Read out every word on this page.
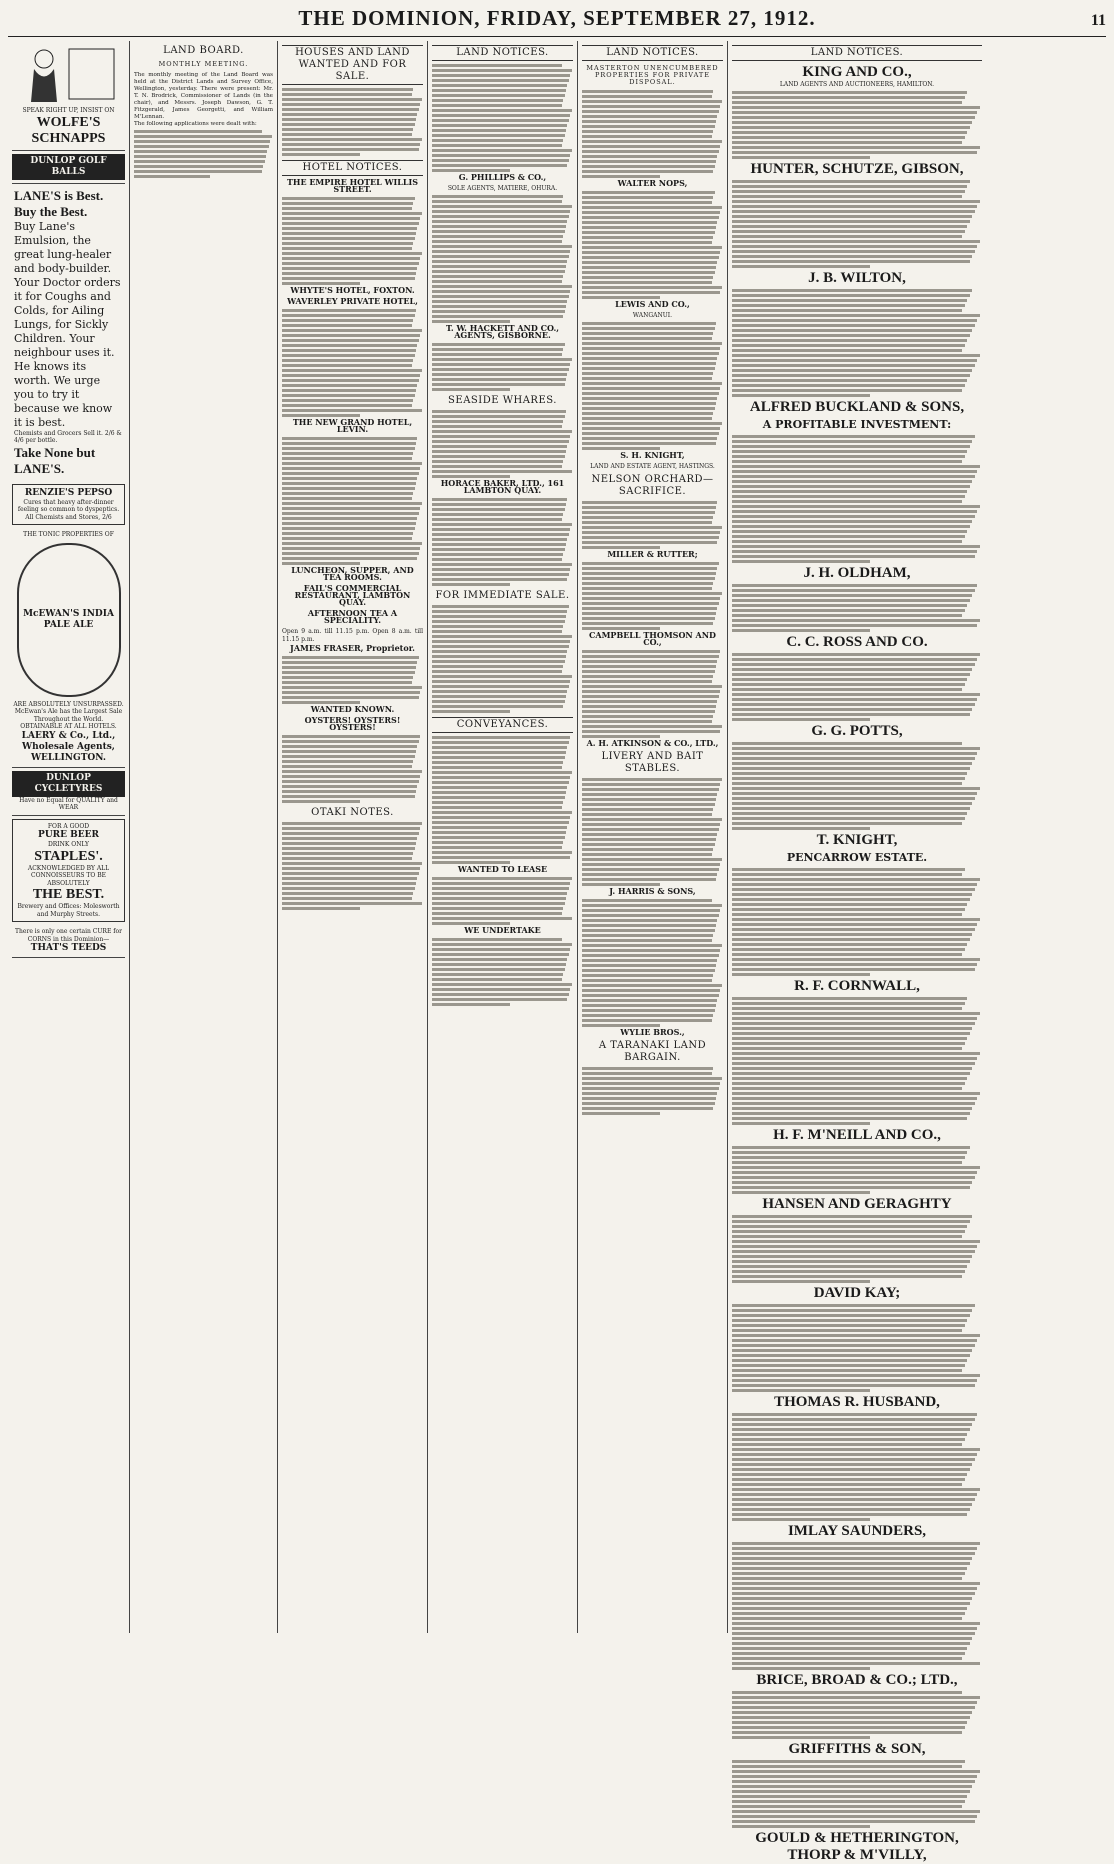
THE DOMINION, FRIDAY, SEPTEMBER 27, 1912.	11
SPEAK RIGHT UP, INSIST ON
WOLFE'S SCHNAPPS
DUNLOP GOLF BALLS
LANE'S is Best.
Buy the Best.
Buy Lane's Emulsion, the great lung-healer and body-builder. Your Doctor orders it for Coughs and Colds, for Ailing Lungs, for Sickly Children. Your neighbour uses it. He knows its worth. We urge you to try it because we know it is best.
Chemists and Grocers Sell it. 2/6 & 4/6 per bottle.
Take None but LANE'S.
RENZIE'S PEPSO
Cures that heavy after-dinner feeling so common to dyspeptics.
All Chemists and Stores, 2/6
THE TONIC PROPERTIES OF
McEWAN'S INDIA PALE ALE
ARE ABSOLUTELY UNSURPASSED.
McEwan's Ale has the Largest Sale Throughout the World.
OBTAINABLE AT ALL HOTELS.
LAERY & Co., Ltd., Wholesale Agents, WELLINGTON.
DUNLOP CYCLETYRES
Have no Equal for QUALITY and WEAR
FOR A GOOD
PURE BEER
DRINK ONLY
STAPLES'.
ACKNOWLEDGED BY ALL CONNOISSEURS TO BE ABSOLUTELY
THE BEST.
Brewery and Offices: Molesworth and Murphy Streets.
There is only one certain CURE for CORNS in this Dominion—
THAT'S TEEDS
LAND BOARD.
MONTHLY MEETING.
The monthly meeting of the Land Board was held at the District Lands and Survey Office, Wellington, yesterday. There were present: Mr. T. N. Brodrick, Commissioner of Lands (in the chair), and Messrs. Joseph Dawson, G. T. Fitzgerald, James Georgetti, and William M'Lennan.
The following applications were dealt with:
HOUSES AND LAND WANTED AND FOR SALE.
HOTEL NOTICES.
THE EMPIRE HOTEL WILLIS STREET.
WHYTE'S HOTEL, FOXTON.
WAVERLEY PRIVATE HOTEL,
THE NEW GRAND HOTEL, LEVIN.
LUNCHEON, SUPPER, AND TEA ROOMS.
FAIL'S COMMERCIAL RESTAURANT, LAMBTON QUAY.
AFTERNOON TEA A SPECIALITY.
Open 9 a.m. till 11.15 p.m. Open 8 a.m. till 11.15 p.m.
JAMES FRASER, Proprietor.
WANTED KNOWN.
OYSTERS! OYSTERS! OYSTERS!
OTAKI NOTES.
LAND NOTICES.
G. PHILLIPS & CO.,
SOLE AGENTS, MATIERE, OHURA.
T. W. HACKETT AND CO., AGENTS, GISBORNE.
SEASIDE WHARES.
HORACE BAKER, LTD., 161 LAMBTON QUAY.
FOR IMMEDIATE SALE.
CONVEYANCES.
WANTED TO LEASE
WE UNDERTAKE
LAND NOTICES.
MASTERTON UNENCUMBERED PROPERTIES FOR PRIVATE DISPOSAL.
WALTER NOPS,
LEWIS AND CO.,
WANGANUI.
S. H. KNIGHT,
LAND AND ESTATE AGENT, HASTINGS.
NELSON ORCHARD—SACRIFICE.
MILLER & RUTTER;
CAMPBELL THOMSON AND CO.,
A. H. ATKINSON & CO., LTD.,
LIVERY AND BAIT STABLES.
J. HARRIS & SONS,
WYLIE BROS.,
A TARANAKI LAND BARGAIN.
LAND NOTICES.
KING AND CO.,
LAND AGENTS AND AUCTIONEERS, HAMILTON.
HUNTER, SCHUTZE, GIBSON,
J. B. WILTON,
ALFRED BUCKLAND & SONS,
A PROFITABLE INVESTMENT:
J. H. OLDHAM,
C. C. ROSS AND CO.
G. G. POTTS,
T. KNIGHT,
PENCARROW ESTATE.
R. F. CORNWALL,
H. F. M'NEILL AND CO.,
HANSEN AND GERAGHTY
DAVID KAY;
THOMAS R. HUSBAND,
IMLAY SAUNDERS,
BRICE, BROAD & CO.; LTD.,
GRIFFITHS & SON,
GOULD & HETHERINGTON,
THORP & M'VILLY,
